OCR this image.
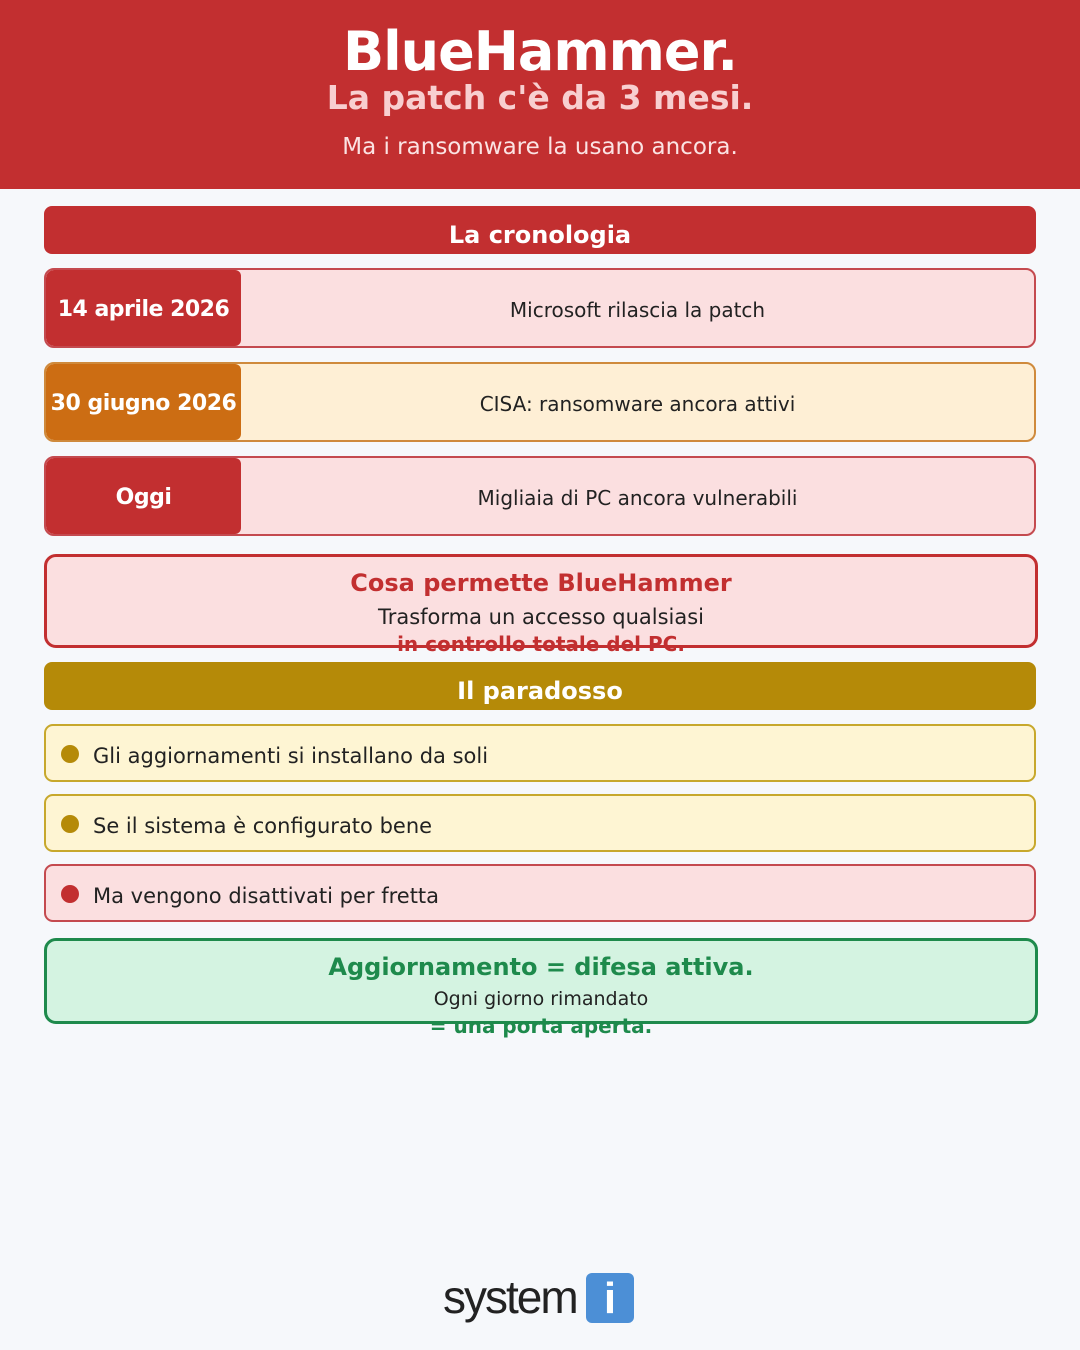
BlueHammer.
La patch c'è da 3 mesi.
Ma i ransomware la usano ancora.
La cronologia
14 aprile 2026	Microsoft rilascia la patch
30 giugno 2026	CISA: ransomware ancora attivi
Oggi	Migliaia di PC ancora vulnerabili
Cosa permette BlueHammer
Trasforma un accesso qualsiasi
in controllo totale del PC.
Il paradosso
Gli aggiornamenti si installano da soli
Se il sistema è configurato bene
Ma vengono disattivati per fretta
Aggiornamento = difesa attiva.
Ogni giorno rimandato
= una porta aperta.
system i
